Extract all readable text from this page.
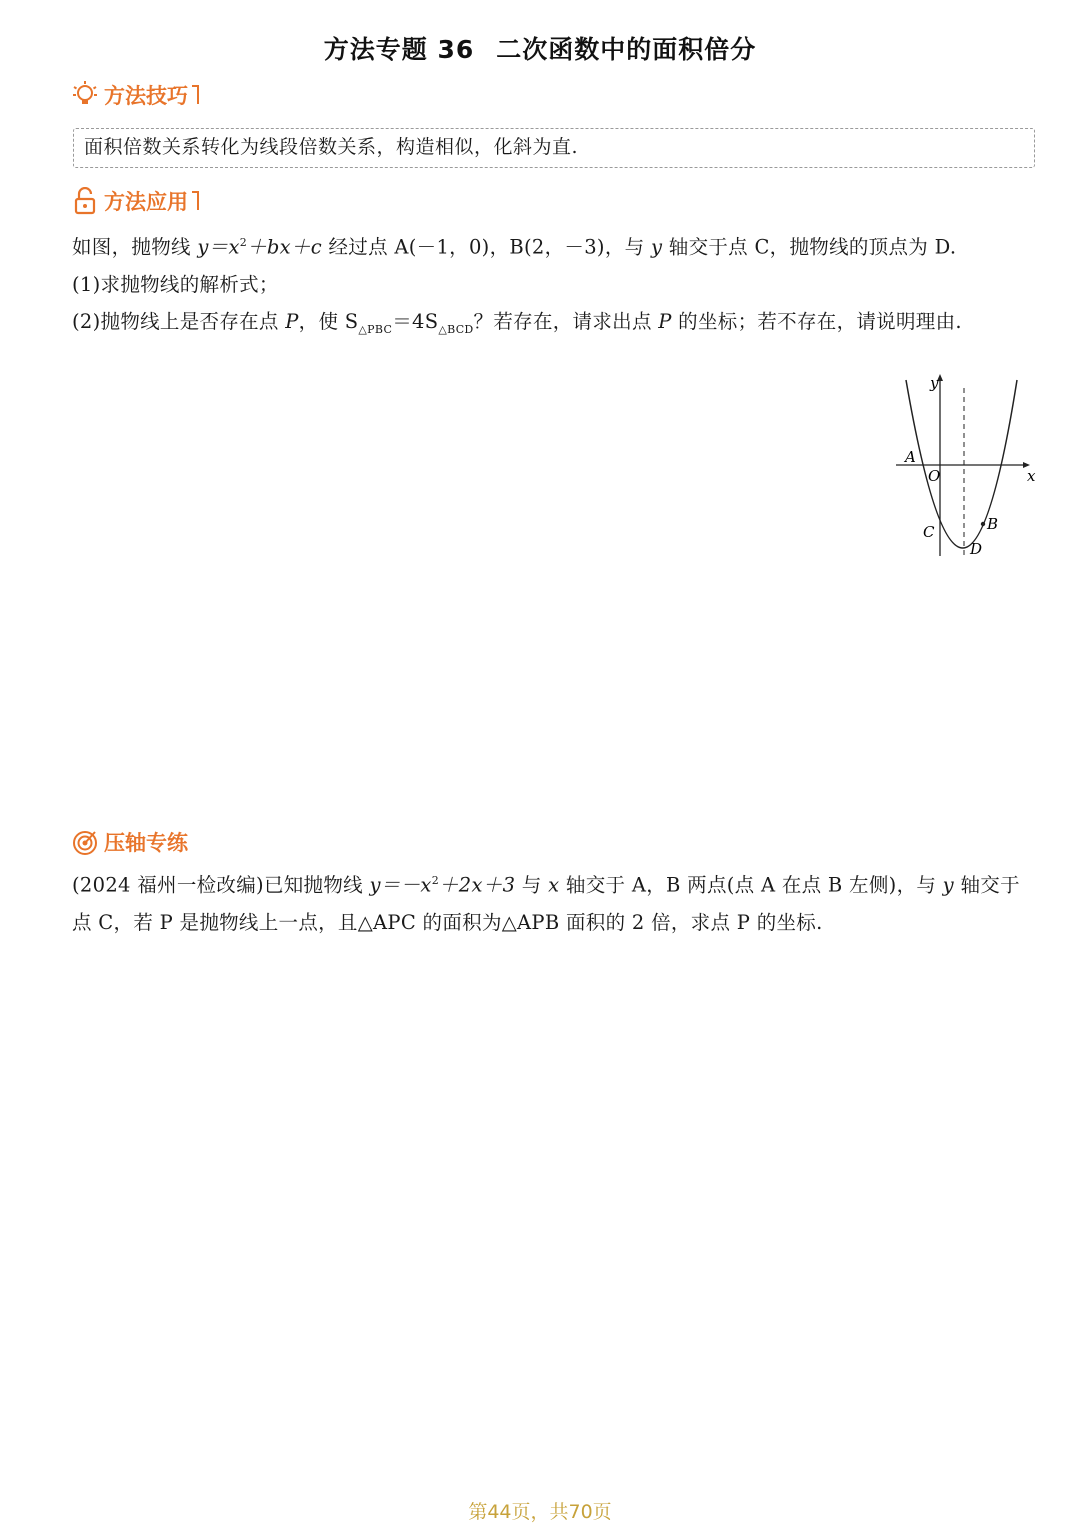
方法专题 36 二次函数中的面积倍分
方法技巧
面积倍数关系转化为线段倍数关系，构造相似，化斜为直.
方法应用

如图，抛物线 $y=x^2+bx+c$ 经过点 A(－1，0)，B(2，－3)，与 y 轴交于点 C，抛物线的顶点为 D.
(1)求抛物线的解析式；
(2)抛物线上是否存在点 P，使 $S_{\triangle PBC}=4S_{\triangle BCD}$？若存在，请求出点 P 的坐标；若不存在，请说明理由.

x
y
A
O
B
C
D
压轴专练

(2024 福州一检改编)已知抛物线 $y=-x^2+2x+3$ 与 x 轴交于 A，B 两点(点 A 在点 B 左侧)，与 y 轴交于点 C，若 P 是抛物线上一点，且△APC 的面积为△APB 面积的 2 倍，求点 P 的坐标.

第44页，共70页
